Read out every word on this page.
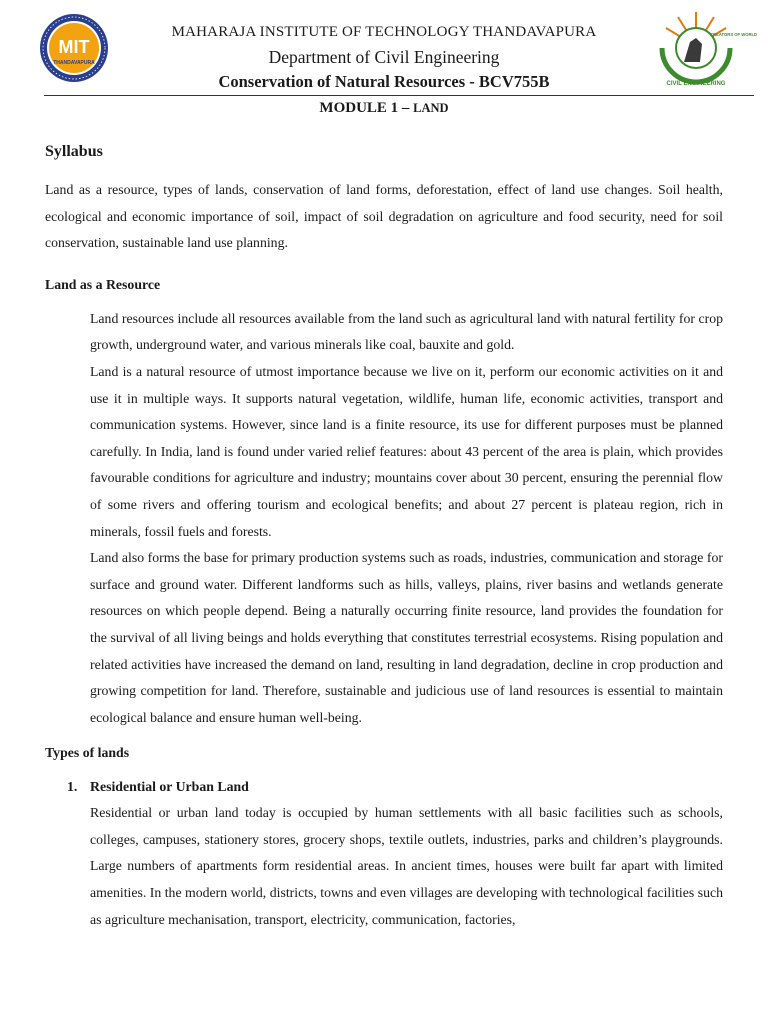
MIT
THANDAVAPURA
MAHARAJA INSTITUTE OF TECHNOLOGY THANDAVAPURA
Department of Civil Engineering
Conservation of Natural Resources - BCV755B
CREATORS OF WORLD
CIVIL ENGINEERING
MODULE 1 – LAND
Syllabus

Land as a resource, types of lands, conservation of land forms, deforestation, effect of land use changes. Soil health, ecological and economic importance of soil, impact of soil degradation on agriculture and food security, need for soil conservation, sustainable land use planning.

Land as a Resource

Land resources include all resources available from the land such as agricultural land with natural fertility for crop growth, underground water, and various minerals like coal, bauxite and gold.

Land is a natural resource of utmost importance because we live on it, perform our economic activities on it and use it in multiple ways. It supports natural vegetation, wildlife, human life, economic activities, transport and communication systems. However, since land is a finite resource, its use for different purposes must be planned carefully. In India, land is found under varied relief features: about 43 percent of the area is plain, which provides favourable conditions for agriculture and industry; mountains cover about 30 percent, ensuring the perennial flow of some rivers and offering tourism and ecological benefits; and about 27 percent is plateau region, rich in minerals, fossil fuels and forests.

Land also forms the base for primary production systems such as roads, industries, communication and storage for surface and ground water. Different landforms such as hills, valleys, plains, river basins and wetlands generate resources on which people depend. Being a naturally occurring finite resource, land provides the foundation for the survival of all living beings and holds everything that constitutes terrestrial ecosystems. Rising population and related activities have increased the demand on land, resulting in land degradation, decline in crop production and growing competition for land. Therefore, sustainable and judicious use of land resources is essential to maintain ecological balance and ensure human well-being.

Types of lands
1. Residential or Urban Land

Residential or urban land today is occupied by human settlements with all basic facilities such as schools, colleges, campuses, stationery stores, grocery shops, textile outlets, industries, parks and children’s playgrounds. Large numbers of apartments form residential areas. In ancient times, houses were built far apart with limited amenities. In the modern world, districts, towns and even villages are developing with technological facilities such as agriculture mechanisation, transport, electricity, communication, factories,
